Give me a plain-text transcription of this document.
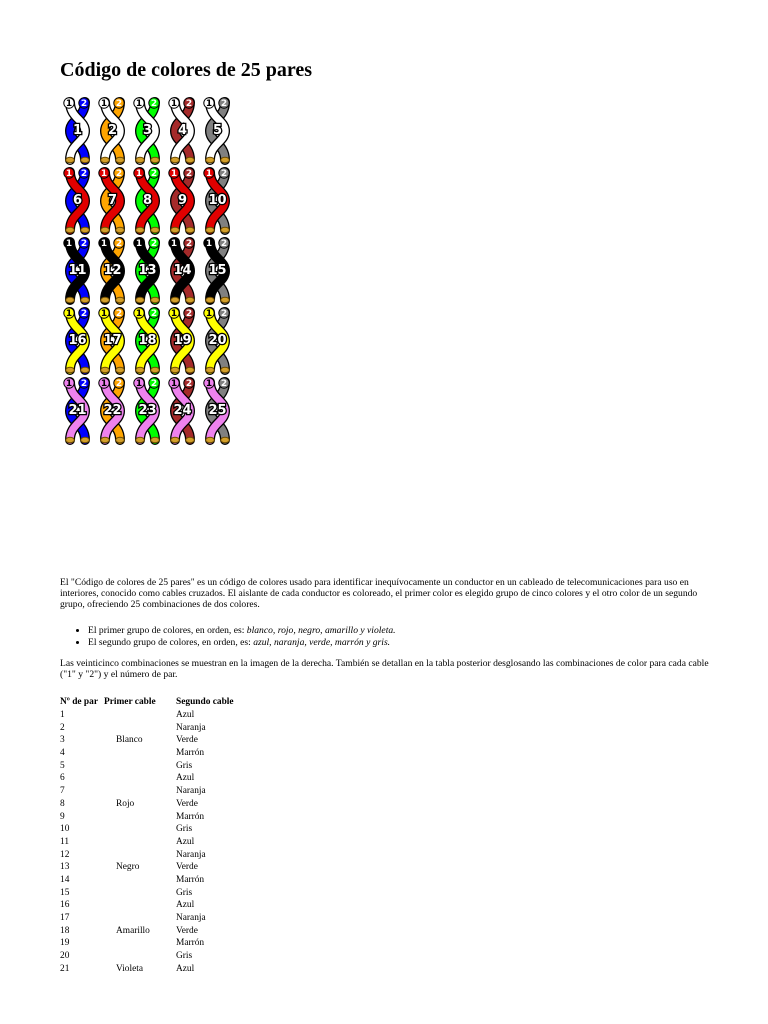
Código de colores de 25 pares
1 2
1
1 2
2
1 2
3
1 2
4
1 2
5
1 2
6
1 2
7
1 2
8
1 2
9
1 2
10
1 2
11
1 2
12
1 2
13
1 2
14
1 2
15
1 2
16
1 2
17
1 2
18
1 2
19
1 2
20
1 2
21
1 2
22
1 2
23
1 2
24
1 2
25

El "Código de colores de 25 pares" es un código de colores usado para identificar inequívocamente un conductor en un cableado de telecomunicaciones para uso en interiores, conocido como cables cruzados. El aislante de cada conductor es coloreado, el primer color es elegido grupo de cinco colores y el otro color de un segundo grupo, ofreciendo 25 combinaciones de dos colores.

• El primer grupo de colores, en orden, es: blanco, rojo, negro, amarillo y violeta.
• El segundo grupo de colores, en orden, es: azul, naranja, verde, marrón y gris.

Las veinticinco combinaciones se muestran en la imagen de la derecha. También se detallan en la tabla posterior desglosando las combinaciones de color para cada cable ("1" y "2") y el número de par.

Nº de par	Primer cable	Segundo cable
1		Azul
2		Naranja
3	Blanco	Verde
4		Marrón
5		Gris
6		Azul
7		Naranja
8	Rojo	Verde
9		Marrón
10		Gris
11		Azul
12		Naranja
13	Negro	Verde
14		Marrón
15		Gris
16		Azul
17		Naranja
18	Amarillo	Verde
19		Marrón
20		Gris
21	Violeta	Azul
